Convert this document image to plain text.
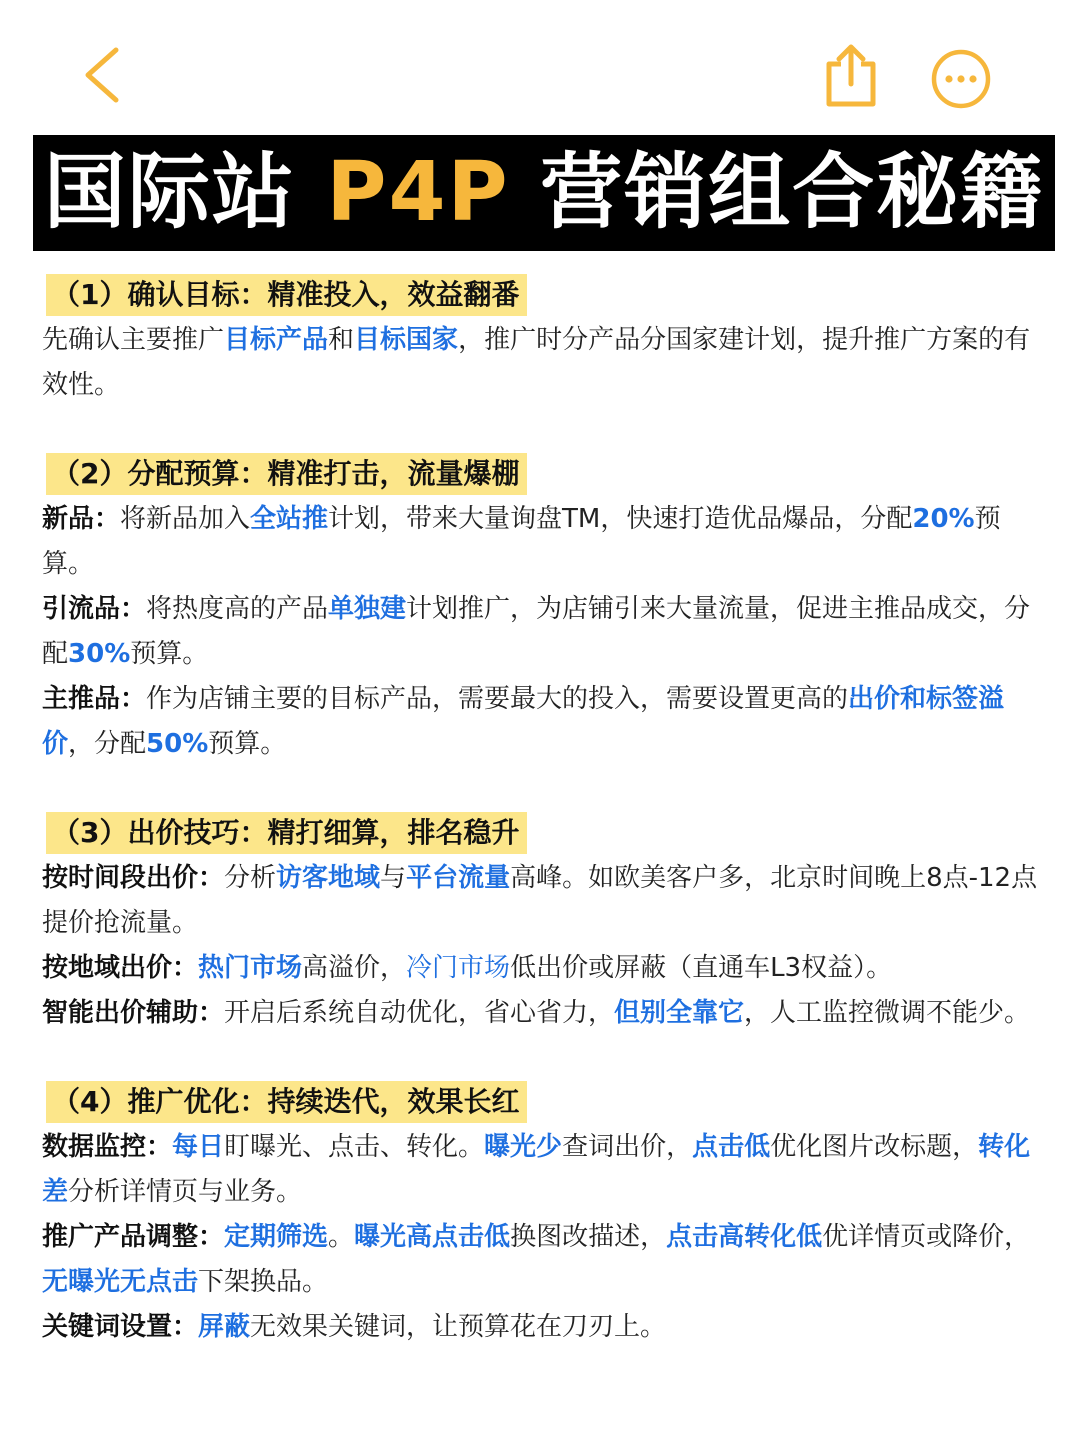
国际站 P4P 营销组合秘籍
（1）确认目标：精准投入，效益翻番

先确认主要推广目标产品和目标国家，推广时分产品分国家建计划，提升推广方案的有效性。

（2）分配预算：精准打击，流量爆棚

新品：将新品加入全站推计划，带来大量询盘TM，快速打造优品爆品，分配20%预算。

引流品：将热度高的产品单独建计划推广，为店铺引来大量流量，促进主推品成交，分配30%预算。

主推品：作为店铺主要的目标产品，需要最大的投入，需要设置更高的出价和标签溢价，分配50%预算。

（3）出价技巧：精打细算，排名稳升

按时间段出价：分析访客地域与平台流量高峰。如欧美客户多，北京时间晚上8点-12点提价抢流量。

按地域出价：热门市场高溢价，冷门市场低出价或屏蔽（直通车L3权益）。

智能出价辅助：开启后系统自动优化，省心省力，但别全靠它，人工监控微调不能少。

（4）推广优化：持续迭代，效果长红

数据监控：每日盯曝光、点击、转化。曝光少查词出价，点击低优化图片改标题，转化差分析详情页与业务。

推广产品调整：定期筛选。曝光高点击低换图改描述，点击高转化低优详情页或降价，无曝光无点击下架换品。

关键词设置：屏蔽无效果关键词，让预算花在刀刃上。
